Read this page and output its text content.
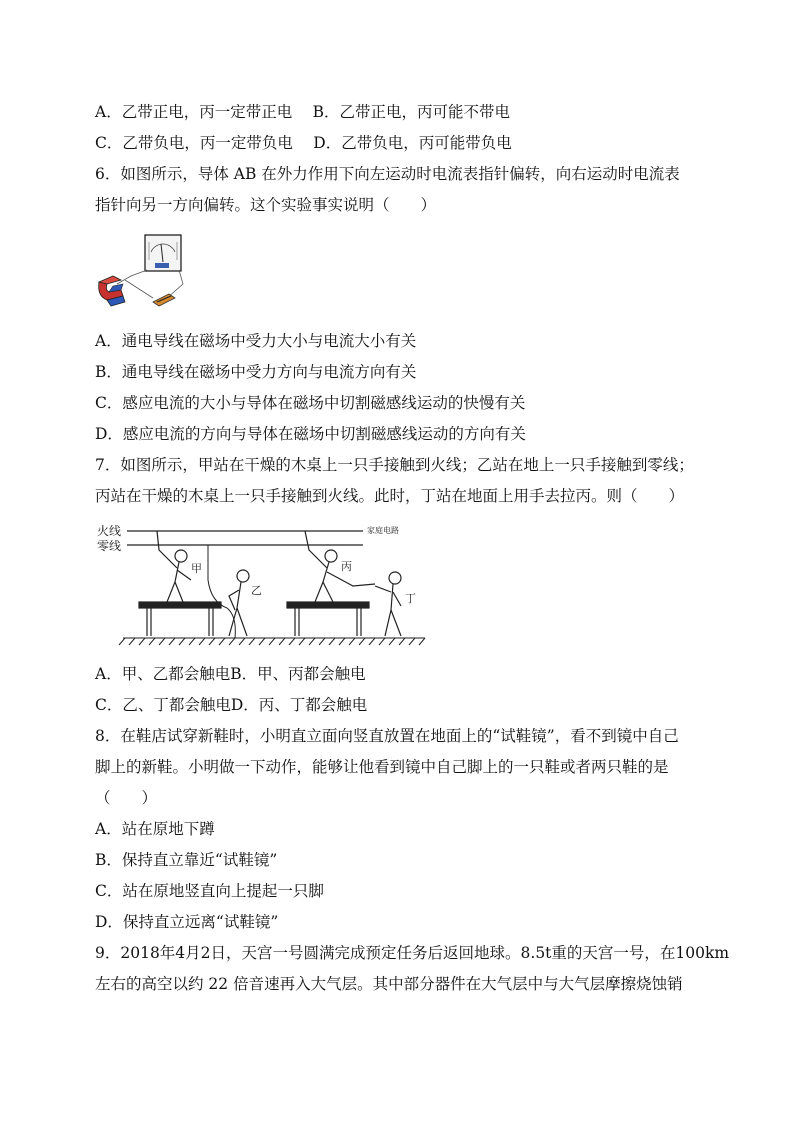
A．乙带正电，丙一定带正电　 B．乙带正电，丙可能不带电
C．乙带负电，丙一定带负电　 D．乙带负电，丙可能带负电
6．如图所示，导体 AB 在外力作用下向左运动时电流表指针偏转，向右运动时电流表
指针向另一方向偏转。这个实验事实说明（　　）
A．通电导线在磁场中受力大小与电流大小有关
B．通电导线在磁场中受力方向与电流方向有关
C．感应电流的大小与导体在磁场中切割磁感线运动的快慢有关
D．感应电流的方向与导体在磁场中切割磁感线运动的方向有关
7．如图所示，甲站在干燥的木桌上一只手接触到火线；乙站在地上一只手接触到零线；
丙站在干燥的木桌上一只手接触到火线。此时，丁站在地面上用手去拉丙。则（　　）
火线
零线
家庭电路
甲
乙
丙
丁
A．甲、乙都会触电B．甲、丙都会触电
C．乙、丁都会触电D．丙、丁都会触电
8．在鞋店试穿新鞋时，小明直立面向竖直放置在地面上的“试鞋镜”，看不到镜中自己
脚上的新鞋。小明做一下动作，能够让他看到镜中自己脚上的一只鞋或者两只鞋的是
（　　）
A．站在原地下蹲
B．保持直立靠近“试鞋镜”
C．站在原地竖直向上提起一只脚
D．保持直立远离“试鞋镜”
9．2018年4月2日，天宫一号圆满完成预定任务后返回地球。8.5t重的天宫一号，在100km
左右的高空以约 22 倍音速再入大气层。其中部分器件在大气层中与大气层摩擦烧蚀销
